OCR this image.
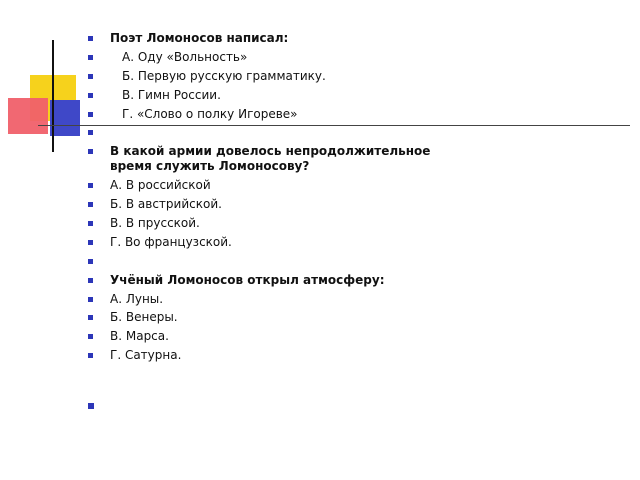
Поэт Ломоносов написал:
А. Оду «Вольность»
Б. Первую русскую грамматику.
В. Гимн России.
Г. «Слово о полку Игореве»

В какой армии довелось непродолжительное время служить Ломоносову?
А. В российской
Б. В австрийской.
В. В прусской.
Г. Во французской.

Учёный Ломоносов открыл атмосферу:
А. Луны.
Б. Венеры.
В. Марса.
Г. Сатурна.
